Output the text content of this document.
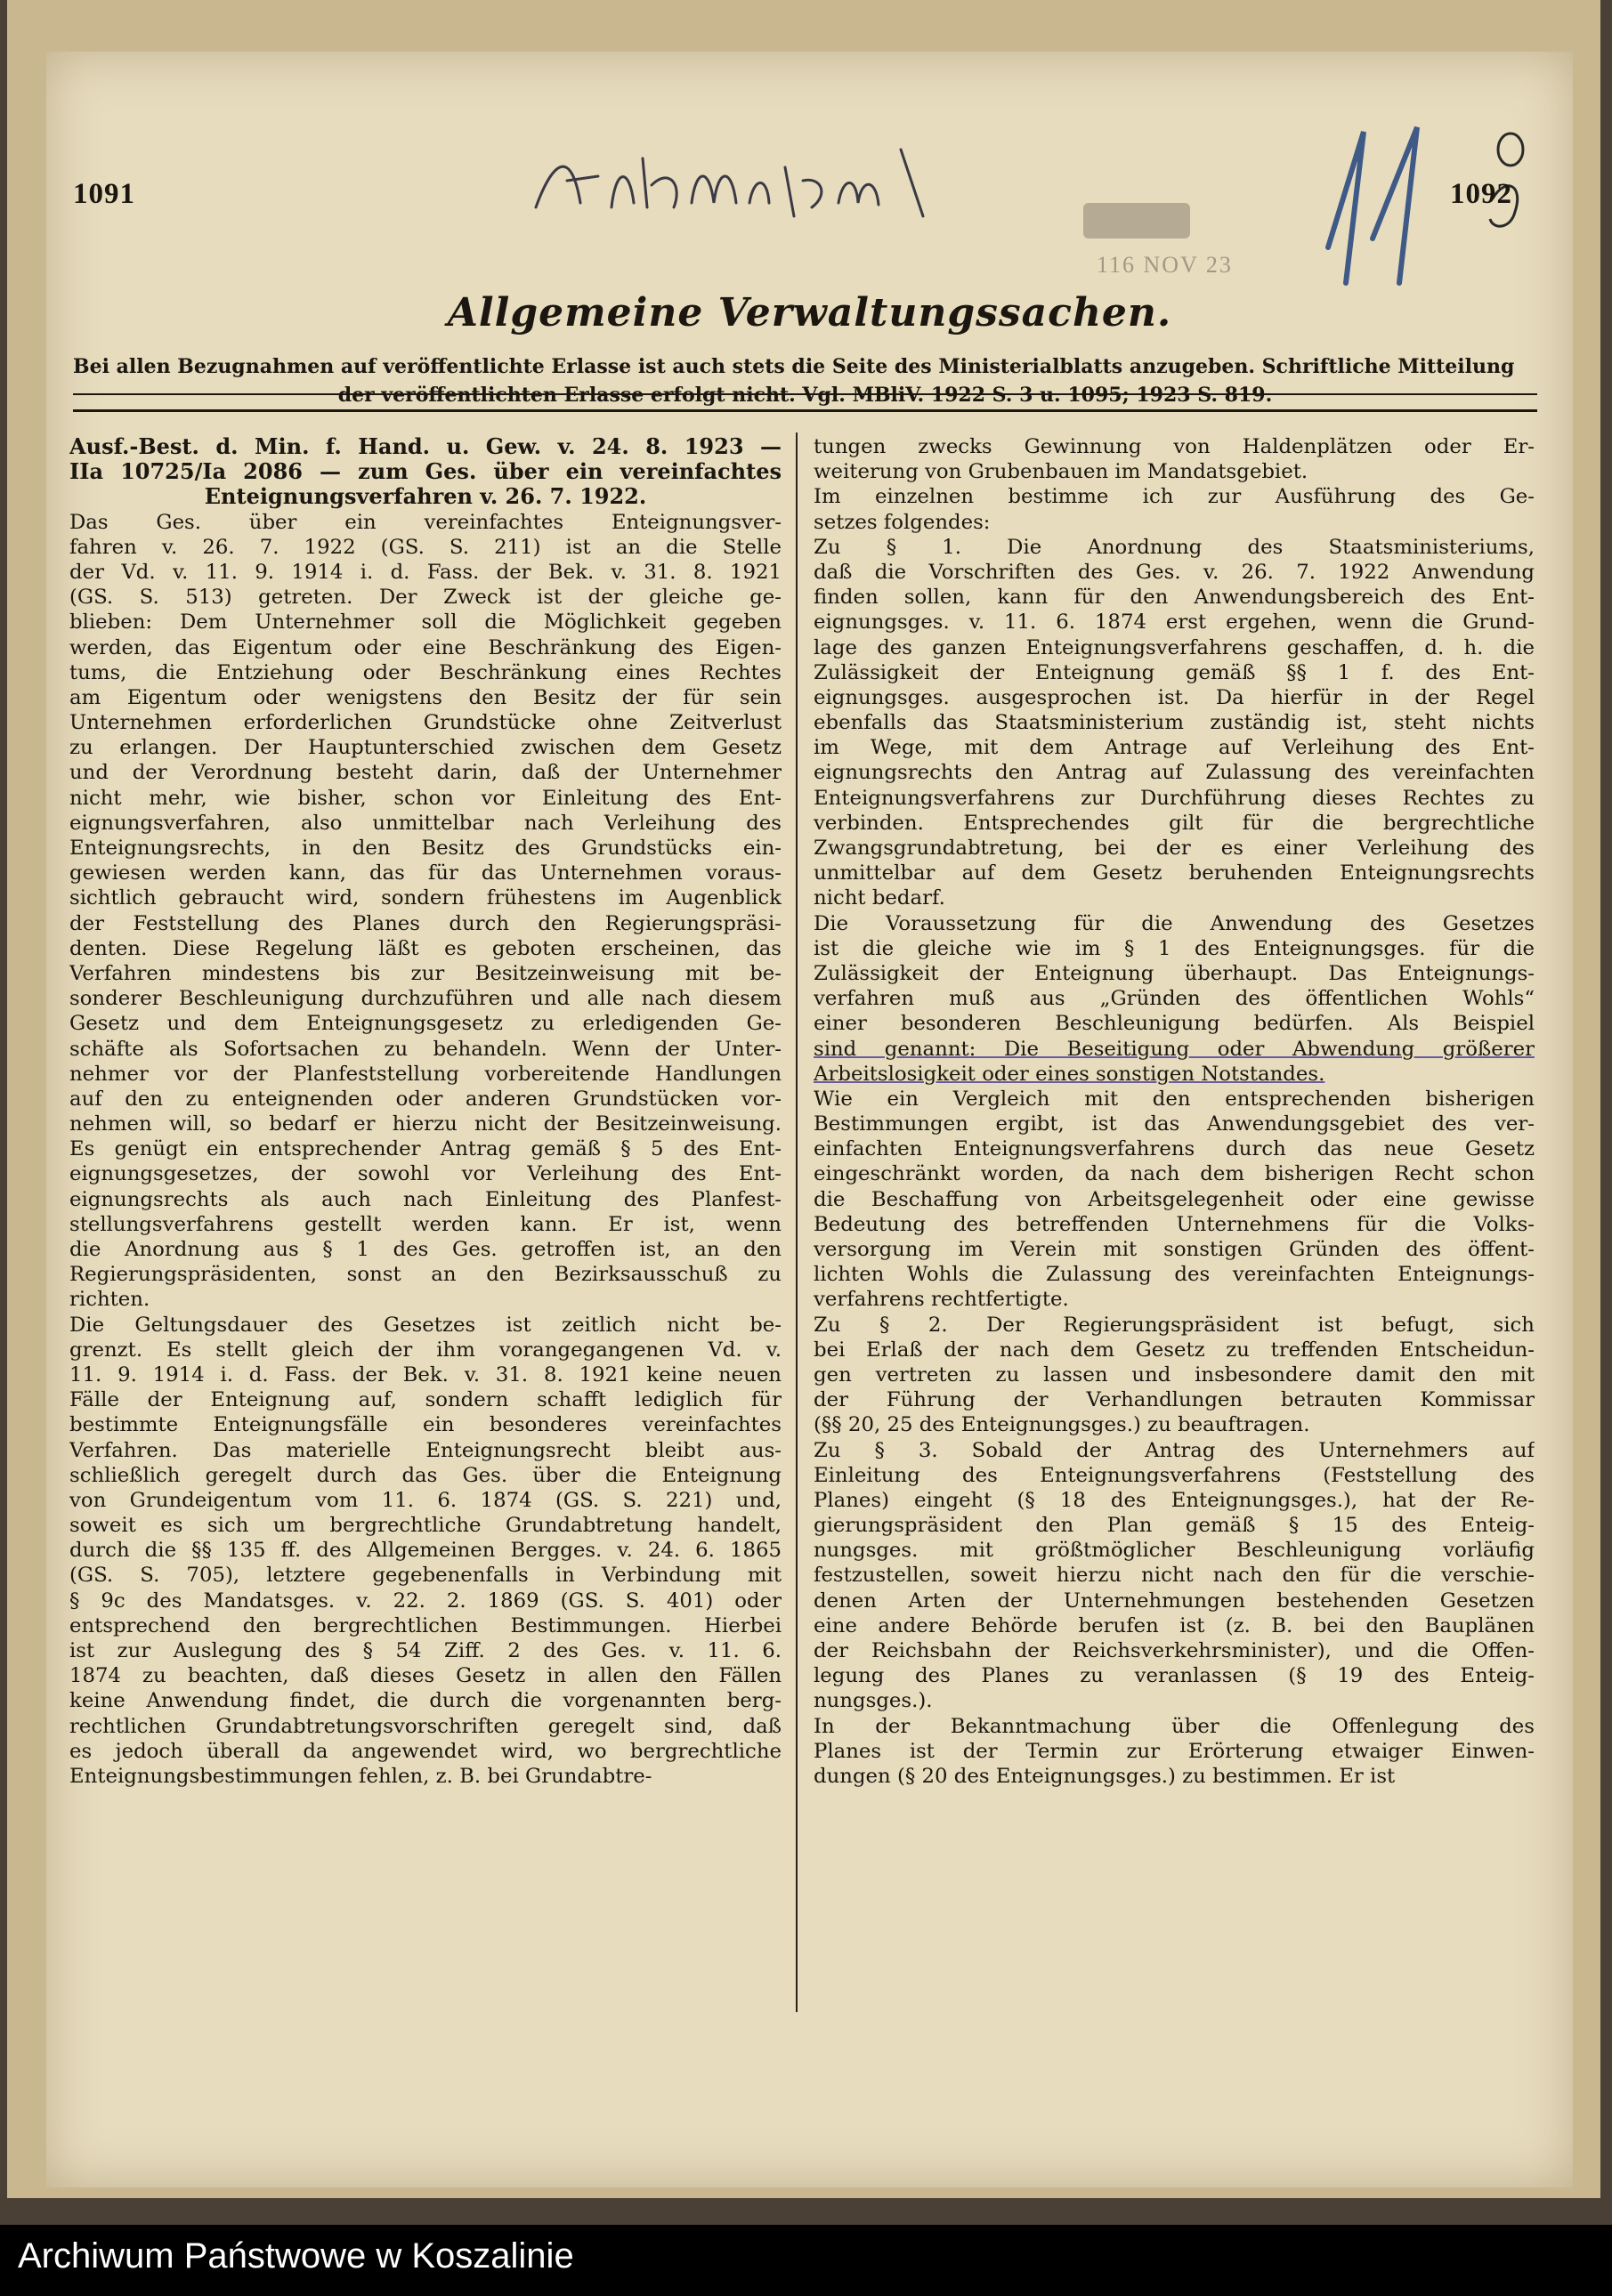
116 NOV 23
1091	1092
Allgemeine Verwaltungssachen.
Bei allen Bezugnahmen auf veröffentlichte Erlasse ist auch stets die Seite des Ministerialblatts anzugeben. Schriftliche Mitteilung
der veröffentlichten Erlasse erfolgt nicht. Vgl. MBliV. 1922 S. 3 u. 1095; 1923 S. 819.
Ausf.-Best. d. Min. f. Hand. u. Gew. v. 24. 8. 1923 —
IIa 10725/Ia 2086 — zum Ges. über ein vereinfachtes
Enteignungsverfahren v. 26. 7. 1922.
Das Ges. über ein vereinfachtes Enteignungsver-
fahren v. 26. 7. 1922 (GS. S. 211) ist an die Stelle
der Vd. v. 11. 9. 1914 i. d. Fass. der Bek. v. 31. 8. 1921
(GS. S. 513) getreten. Der Zweck ist der gleiche ge-
blieben: Dem Unternehmer soll die Möglichkeit gegeben
werden, das Eigentum oder eine Beschränkung des Eigen-
tums, die Entziehung oder Beschränkung eines Rechtes
am Eigentum oder wenigstens den Besitz der für sein
Unternehmen erforderlichen Grundstücke ohne Zeitverlust
zu erlangen. Der Hauptunterschied zwischen dem Gesetz
und der Verordnung besteht darin, daß der Unternehmer
nicht mehr, wie bisher, schon vor Einleitung des Ent-
eignungsverfahren, also unmittelbar nach Verleihung des
Enteignungsrechts, in den Besitz des Grundstücks ein-
gewiesen werden kann, das für das Unternehmen voraus-
sichtlich gebraucht wird, sondern frühestens im Augenblick
der Feststellung des Planes durch den Regierungspräsi-
denten. Diese Regelung läßt es geboten erscheinen, das
Verfahren mindestens bis zur Besitzeinweisung mit be-
sonderer Beschleunigung durchzuführen und alle nach diesem
Gesetz und dem Enteignungsgesetz zu erledigenden Ge-
schäfte als Sofortsachen zu behandeln. Wenn der Unter-
nehmer vor der Planfeststellung vorbereitende Handlungen
auf den zu enteignenden oder anderen Grundstücken vor-
nehmen will, so bedarf er hierzu nicht der Besitzeinweisung.
Es genügt ein entsprechender Antrag gemäß § 5 des Ent-
eignungsgesetzes, der sowohl vor Verleihung des Ent-
eignungsrechts als auch nach Einleitung des Planfest-
stellungsverfahrens gestellt werden kann. Er ist, wenn
die Anordnung aus § 1 des Ges. getroffen ist, an den
Regierungspräsidenten, sonst an den Bezirksausschuß zu
richten.
Die Geltungsdauer des Gesetzes ist zeitlich nicht be-
grenzt. Es stellt gleich der ihm vorangegangenen Vd. v.
11. 9. 1914 i. d. Fass. der Bek. v. 31. 8. 1921 keine neuen
Fälle der Enteignung auf, sondern schafft lediglich für
bestimmte Enteignungsfälle ein besonderes vereinfachtes
Verfahren. Das materielle Enteignungsrecht bleibt aus-
schließlich geregelt durch das Ges. über die Enteignung
von Grundeigentum vom 11. 6. 1874 (GS. S. 221) und,
soweit es sich um bergrechtliche Grundabtretung handelt,
durch die §§ 135 ff. des Allgemeinen Bergges. v. 24. 6. 1865
(GS. S. 705), letztere gegebenenfalls in Verbindung mit
§ 9c des Mandatsges. v. 22. 2. 1869 (GS. S. 401) oder
entsprechend den bergrechtlichen Bestimmungen. Hierbei
ist zur Auslegung des § 54 Ziff. 2 des Ges. v. 11. 6.
1874 zu beachten, daß dieses Gesetz in allen den Fällen
keine Anwendung findet, die durch die vorgenannten berg-
rechtlichen Grundabtretungsvorschriften geregelt sind, daß
es jedoch überall da angewendet wird, wo bergrechtliche
Enteignungsbestimmungen fehlen, z. B. bei Grundabtre-
tungen zwecks Gewinnung von Haldenplätzen oder Er-
weiterung von Grubenbauen im Mandatsgebiet.
Im einzelnen bestimme ich zur Ausführung des Ge-
setzes folgendes:
Zu § 1. Die Anordnung des Staatsministeriums,
daß die Vorschriften des Ges. v. 26. 7. 1922 Anwendung
finden sollen, kann für den Anwendungsbereich des Ent-
eignungsges. v. 11. 6. 1874 erst ergehen, wenn die Grund-
lage des ganzen Enteignungsverfahrens geschaffen, d. h. die
Zulässigkeit der Enteignung gemäß §§ 1 f. des Ent-
eignungsges. ausgesprochen ist. Da hierfür in der Regel
ebenfalls das Staatsministerium zuständig ist, steht nichts
im Wege, mit dem Antrage auf Verleihung des Ent-
eignungsrechts den Antrag auf Zulassung des vereinfachten
Enteignungsverfahrens zur Durchführung dieses Rechtes zu
verbinden. Entsprechendes gilt für die bergrechtliche
Zwangsgrundabtretung, bei der es einer Verleihung des
unmittelbar auf dem Gesetz beruhenden Enteignungsrechts
nicht bedarf.
Die Voraussetzung für die Anwendung des Gesetzes
ist die gleiche wie im § 1 des Enteignungsges. für die
Zulässigkeit der Enteignung überhaupt. Das Enteignungs-
verfahren muß aus „Gründen des öffentlichen Wohls“
einer besonderen Beschleunigung bedürfen. Als Beispiel
sind genannt: Die Beseitigung oder Abwendung größerer
Arbeitslosigkeit oder eines sonstigen Notstandes.
Wie ein Vergleich mit den entsprechenden bisherigen
Bestimmungen ergibt, ist das Anwendungsgebiet des ver-
einfachten Enteignungsverfahrens durch das neue Gesetz
eingeschränkt worden, da nach dem bisherigen Recht schon
die Beschaffung von Arbeitsgelegenheit oder eine gewisse
Bedeutung des betreffenden Unternehmens für die Volks-
versorgung im Verein mit sonstigen Gründen des öffent-
lichten Wohls die Zulassung des vereinfachten Enteignungs-
verfahrens rechtfertigte.
Zu § 2. Der Regierungspräsident ist befugt, sich
bei Erlaß der nach dem Gesetz zu treffenden Entscheidun-
gen vertreten zu lassen und insbesondere damit den mit
der Führung der Verhandlungen betrauten Kommissar
(§§ 20, 25 des Enteignungsges.) zu beauftragen.
Zu § 3. Sobald der Antrag des Unternehmers auf
Einleitung des Enteignungsverfahrens (Feststellung des
Planes) eingeht (§ 18 des Enteignungsges.), hat der Re-
gierungspräsident den Plan gemäß § 15 des Enteig-
nungsges. mit größtmöglicher Beschleunigung vorläufig
festzustellen, soweit hierzu nicht nach den für die verschie-
denen Arten der Unternehmungen bestehenden Gesetzen
eine andere Behörde berufen ist (z. B. bei den Bauplänen
der Reichsbahn der Reichsverkehrsminister), und die Offen-
legung des Planes zu veranlassen (§ 19 des Enteig-
nungsges.).
In der Bekanntmachung über die Offenlegung des
Planes ist der Termin zur Erörterung etwaiger Einwen-
dungen (§ 20 des Enteignungsges.) zu bestimmen. Er ist
Archiwum Państwowe w Koszalinie
